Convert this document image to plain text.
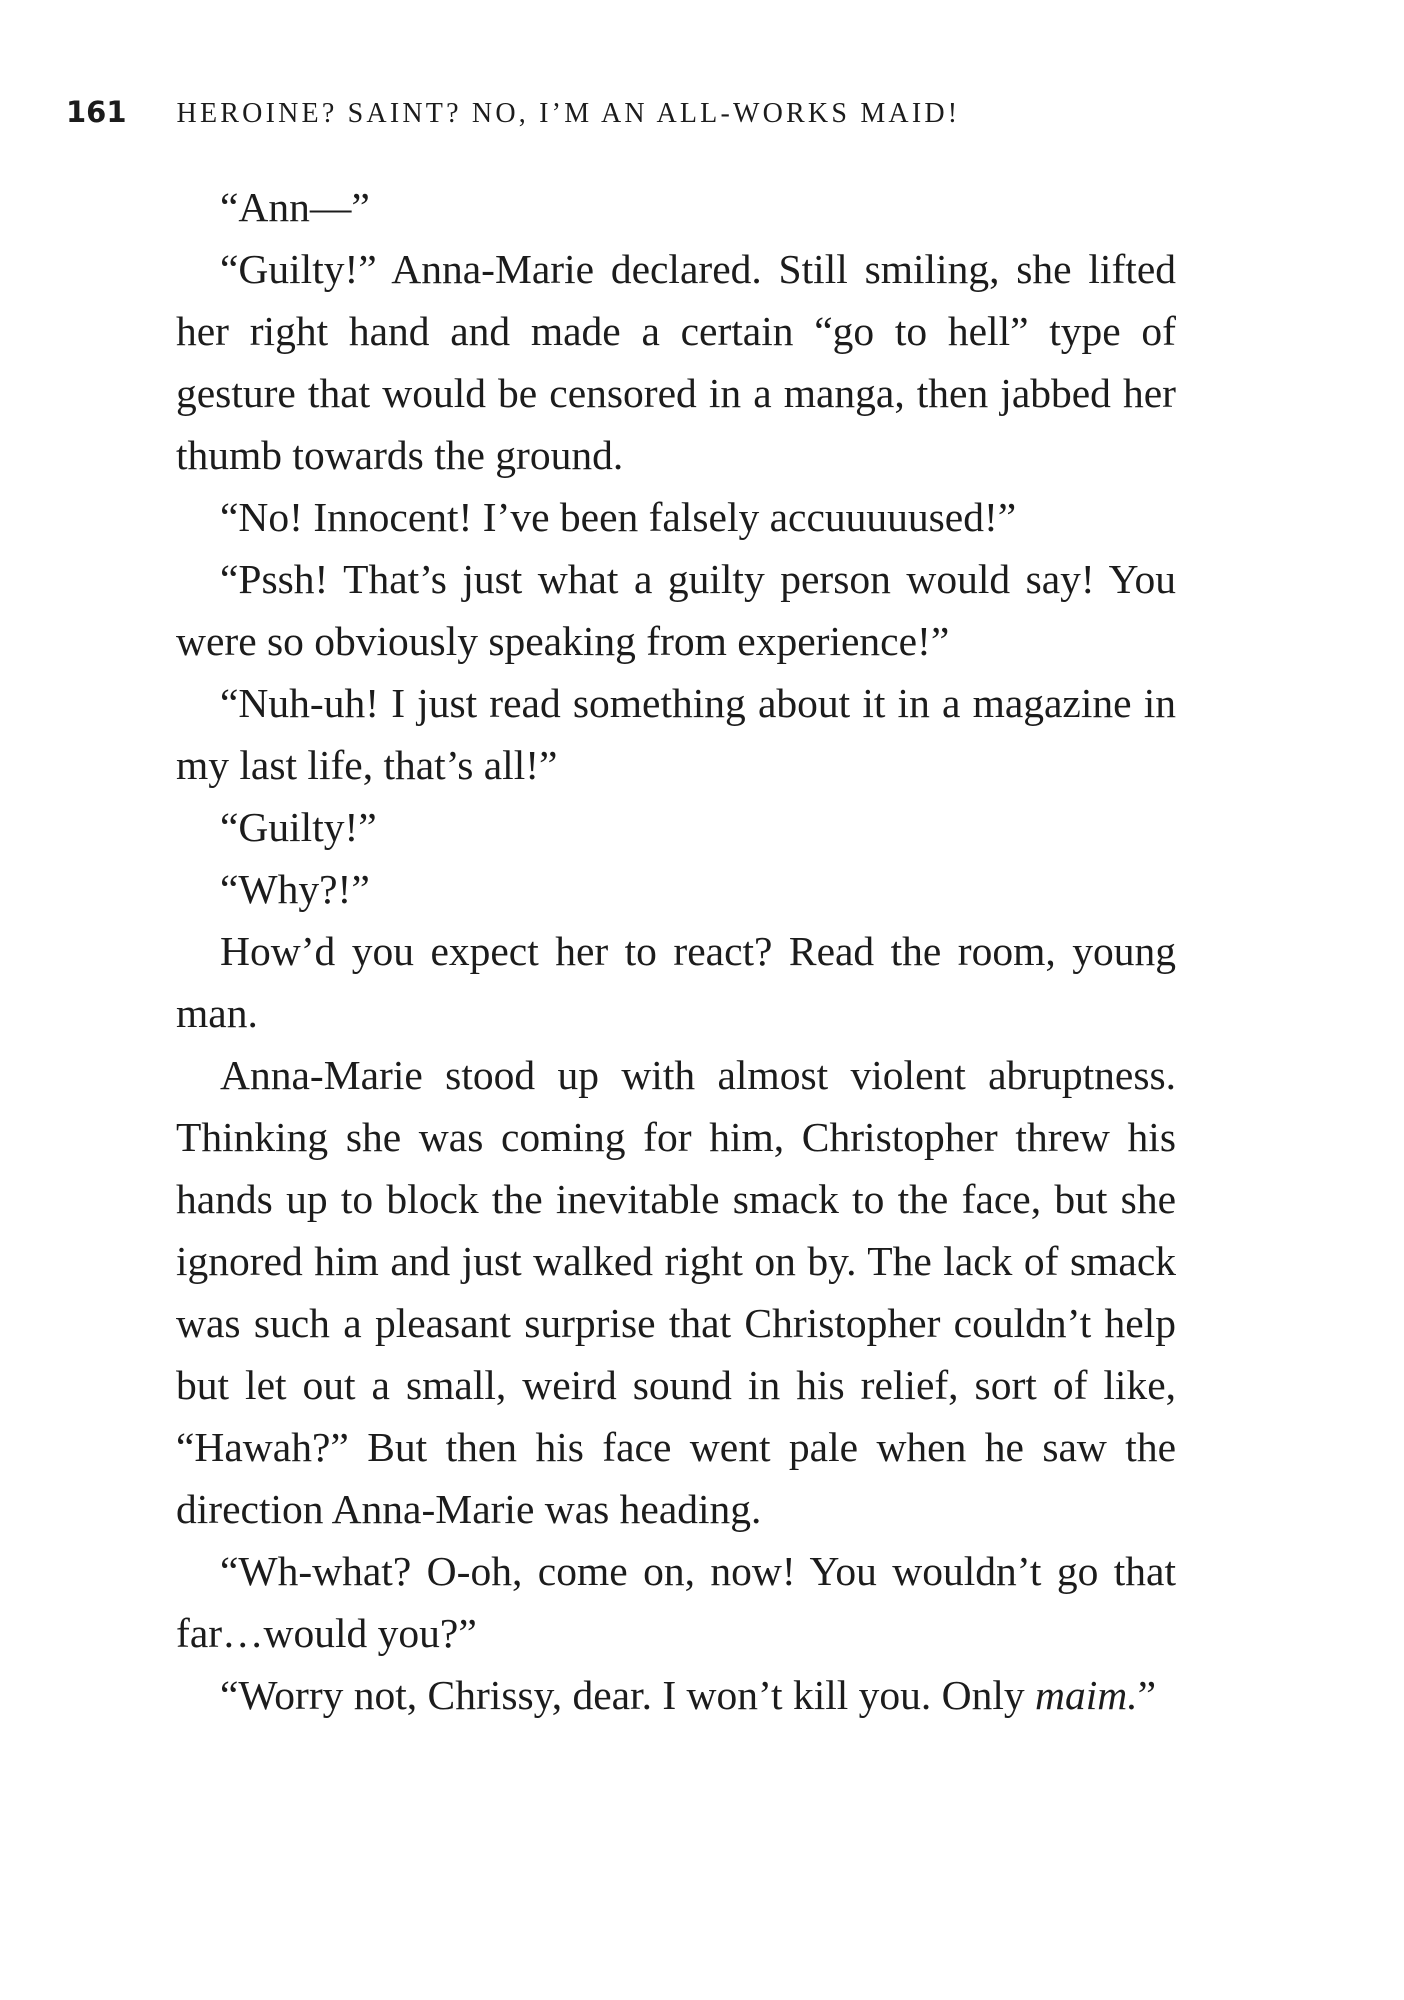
161 HEROINE? SAINT? NO, I’M AN ALL-WORKS MAID!

“Ann—”

“Guilty!” Anna-Marie declared. Still smiling, she lifted her right hand and made a certain “go to hell” type of gesture that would be censored in a manga, then jabbed her thumb towards the ground.

“No! Innocent! I’ve been falsely accuuuuused!”

“Pssh! That’s just what a guilty person would say! You were so obviously speaking from experience!”

“Nuh-uh! I just read something about it in a magazine in my last life, that’s all!”

“Guilty!”

“Why?!”

How’d you expect her to react? Read the room, young man.

Anna-Marie stood up with almost violent abruptness. Thinking she was coming for him, Christopher threw his hands up to block the inevitable smack to the face, but she ignored him and just walked right on by. The lack of smack was such a pleasant surprise that Christopher couldn’t help but let out a small, weird sound in his relief, sort of like, “Hawah?” But then his face went pale when he saw the direction Anna-Marie was heading.

“Wh-what? O-oh, come on, now! You wouldn’t go that far…would you?”

“Worry not, Chrissy, dear. I won’t kill you. Only maim.”
